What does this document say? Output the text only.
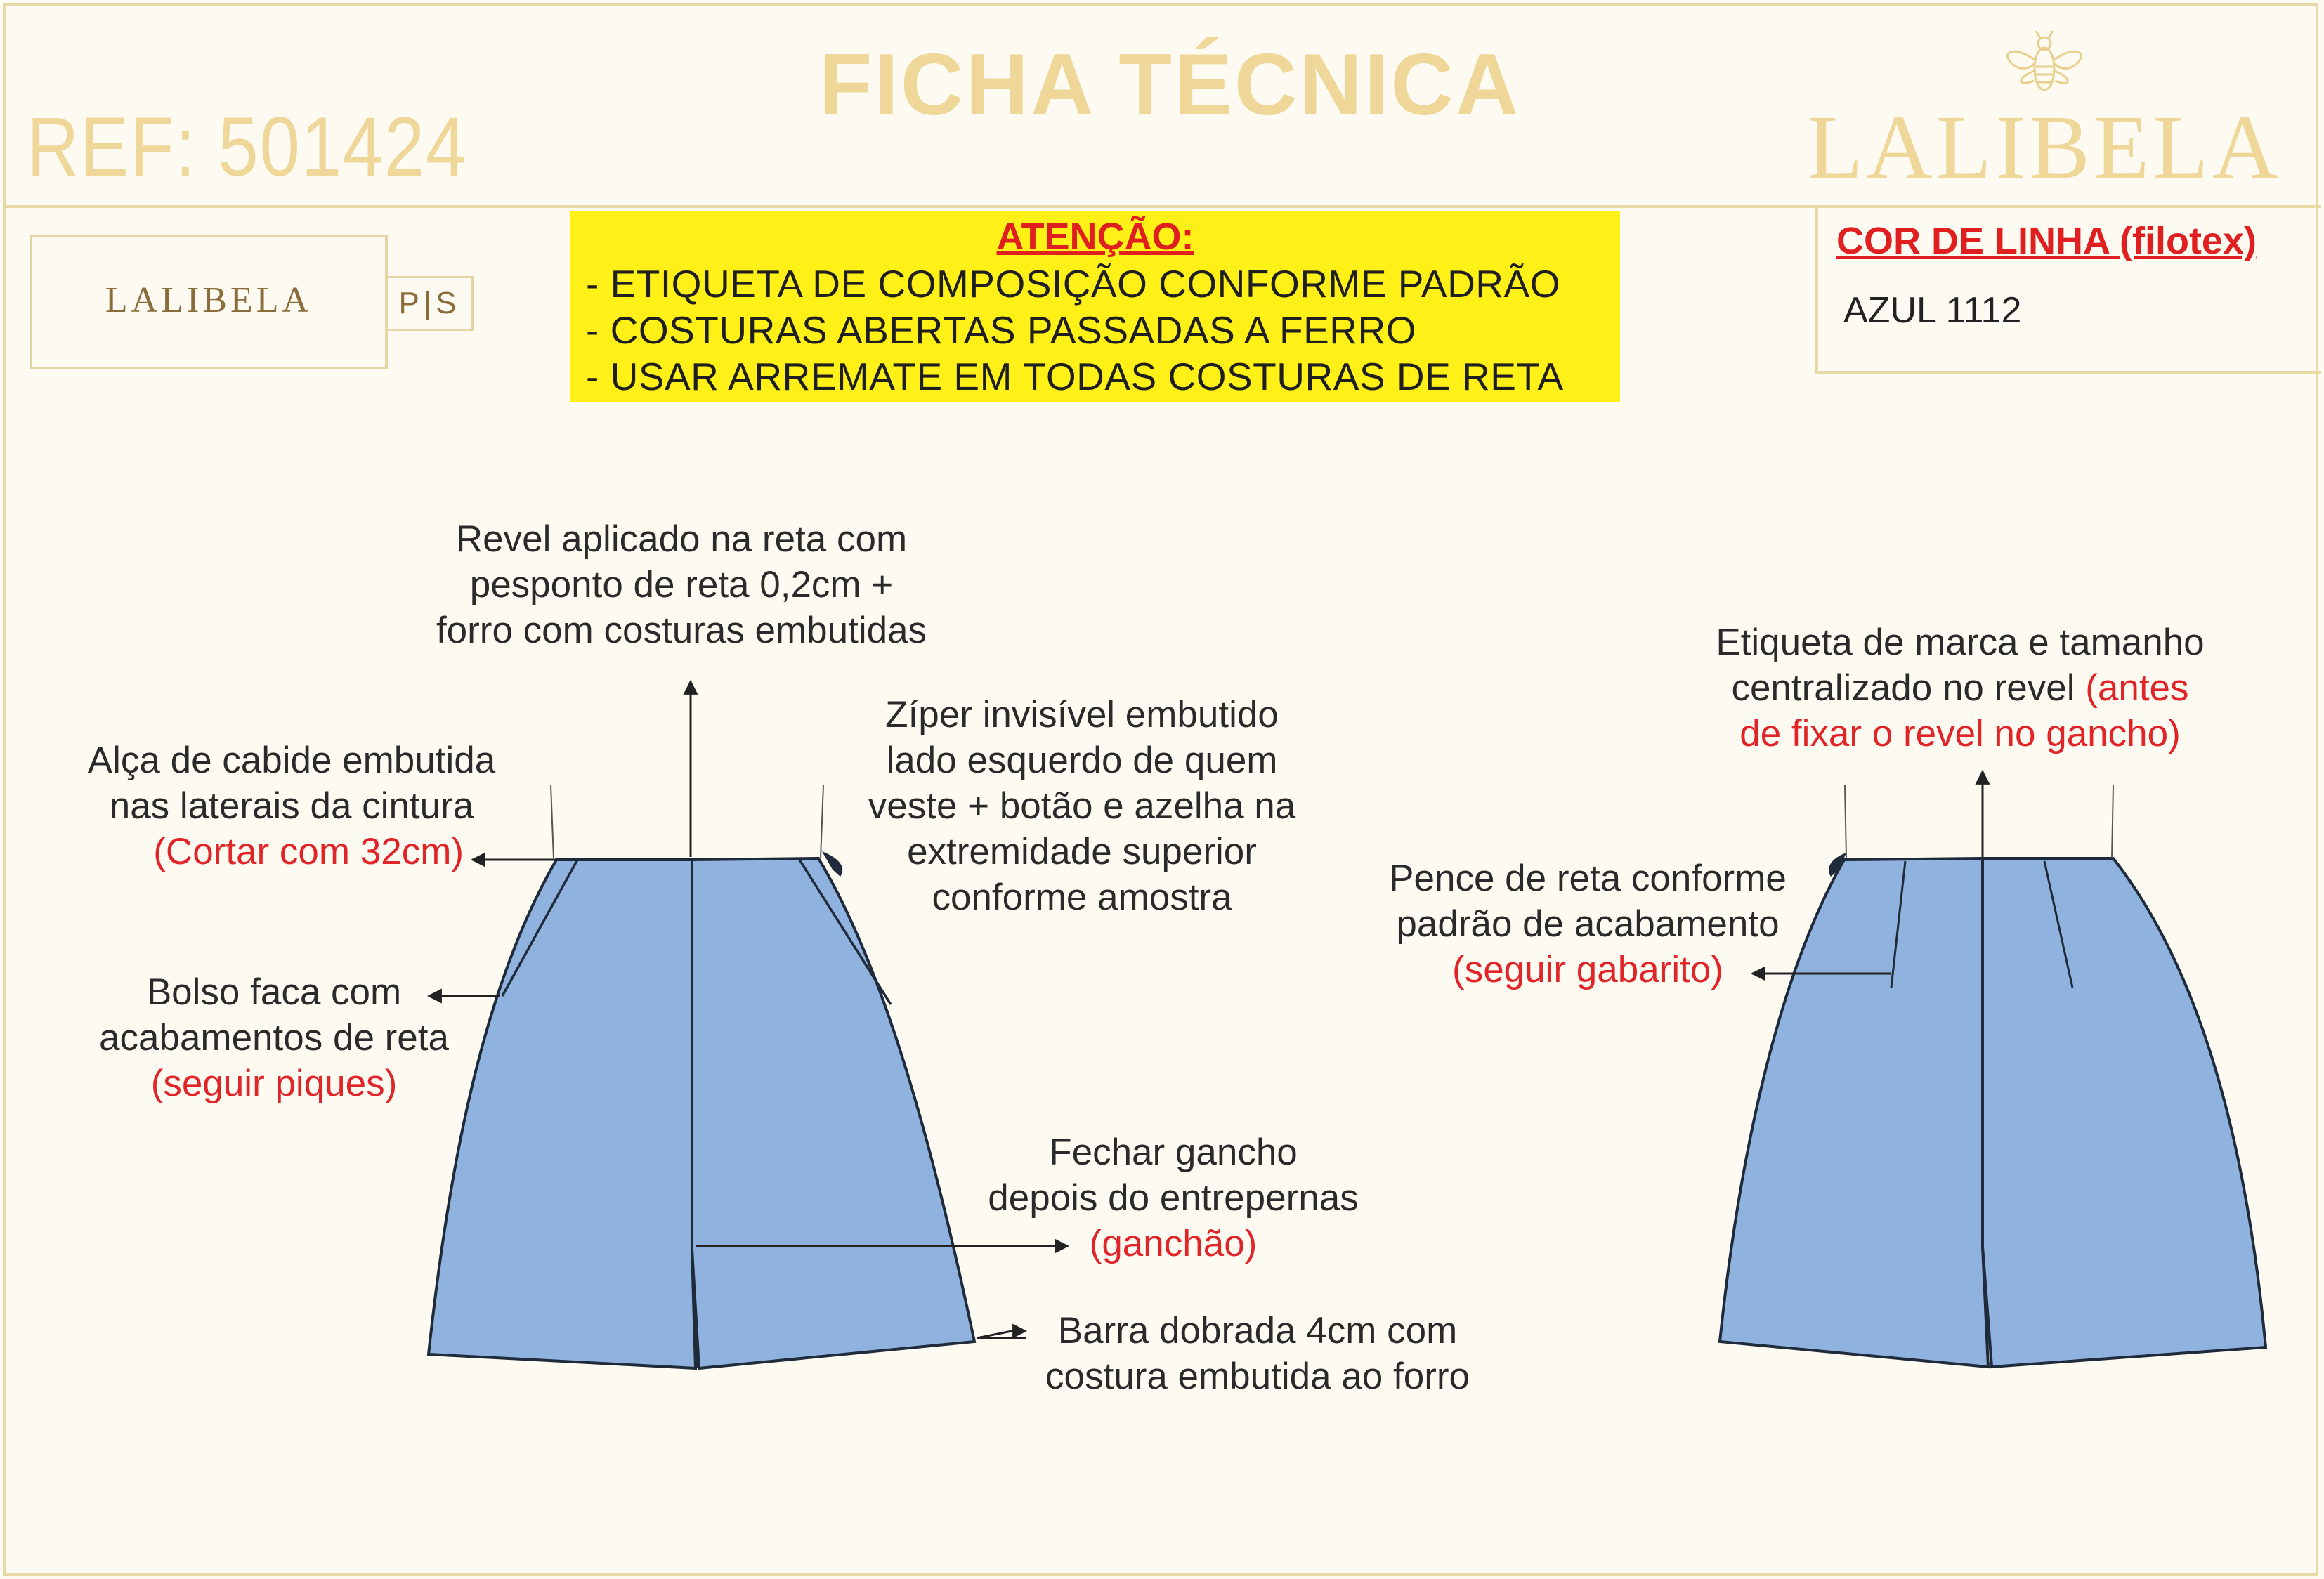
REF: 501424
FICHA TÉCNICA
LALIBELA
LALIBELA	P|S
ATENÇÃO:
- ETIQUETA DE COMPOSIÇÃO CONFORME PADRÃO
- COSTURAS ABERTAS PASSADAS A FERRO
- USAR ARREMATE EM TODAS COSTURAS DE RETA
COR DE LINHA (filotex)
AZUL 1112
Revel aplicado na reta com
pesponto de reta 0,2cm +
forro com costuras embutidas
Zíper invisível embutido
lado esquerdo de quem
veste + botão e azelha na
extremidade superior
conforme amostra
Alça de cabide embutida
nas laterais da cintura
(Cortar com 32cm)
Bolso faca com
acabamentos de reta
(seguir piques)
Fechar gancho
depois do entrepernas
(ganchão)
Barra dobrada 4cm com
costura embutida ao forro
Etiqueta de marca e tamanho
centralizado no revel (antes
de fixar o revel no gancho)
Pence de reta conforme
padrão de acabamento
(seguir gabarito)
